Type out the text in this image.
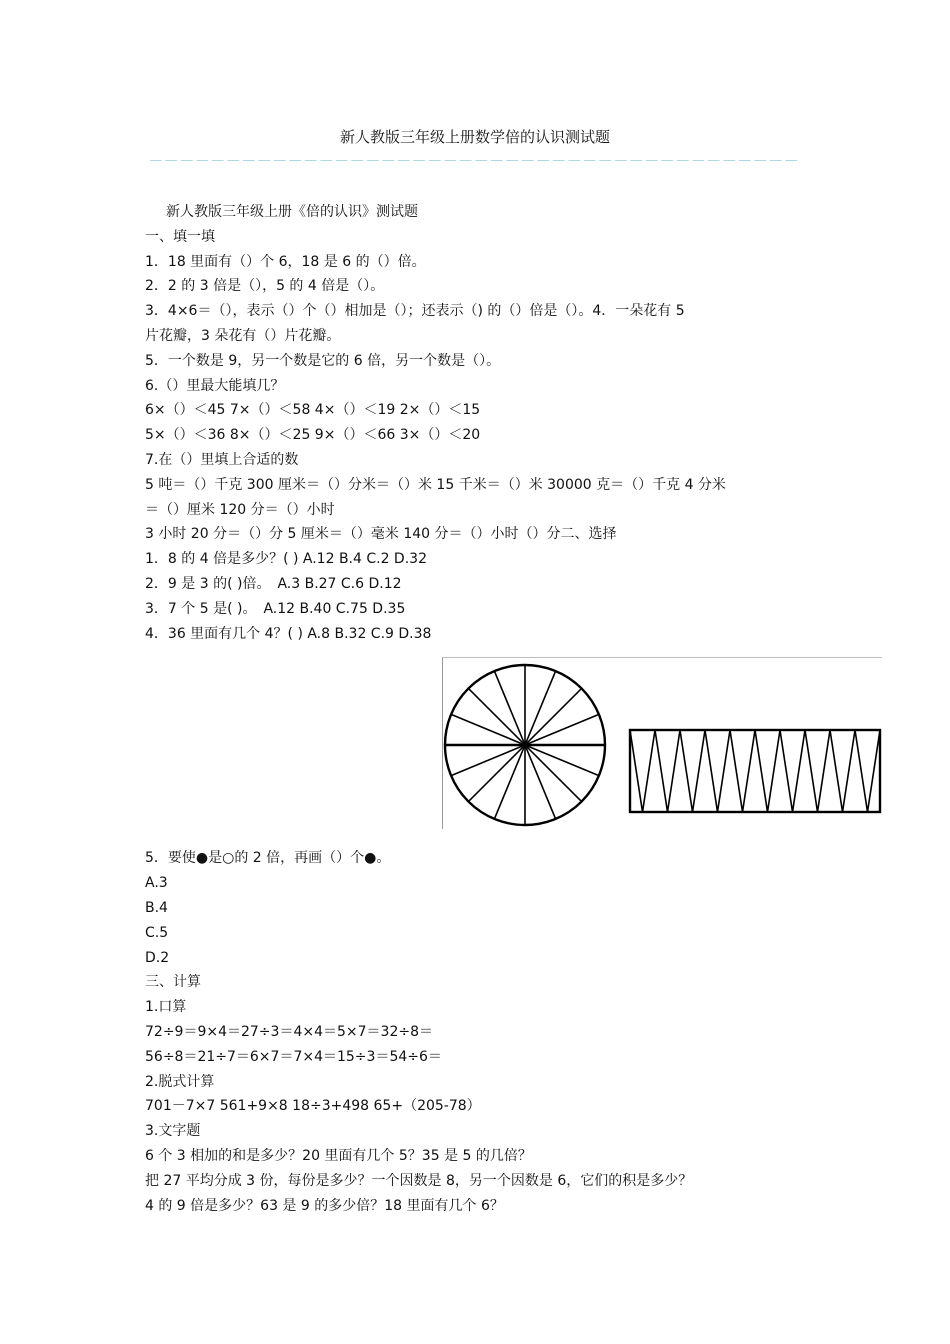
新人教版三年级上册数学倍的认识测试题
－－－－－－－－－－－－－－－－－－－－－－－－－－－－－－－－－－－－－－－－－－
新人教版三年级上册《倍的认识》测试题
一、填一填
1．18 里面有（）个 6，18 是 6 的（）倍。
2．2 的 3 倍是（），5 的 4 倍是（）。
3．4×6＝（），表示（）个（）相加是（）；还表示（) 的（）倍是（）。4．一朵花有 5
片花瓣，3 朵花有（）片花瓣。
5．一个数是 9，另一个数是它的 6 倍，另一个数是（）。
6.（）里最大能填几？
6×（）＜45 7×（）＜58 4×（）＜19 2×（）＜15
5×（）＜36 8×（）＜25 9×（）＜66 3×（）＜20
7.在（）里填上合适的数
5 吨＝（）千克 300 厘米＝（）分米＝（）米 15 千米＝（）米 30000 克＝（）千克 4 分米
＝（）厘米 120 分＝（）小时
3 小时 20 分＝（）分 5 厘米＝（）毫米 140 分＝（）小时（）分二、选择
1．8 的 4 倍是多少？( ) A.12 B.4 C.2 D.32
2．9 是 3 的( )倍。　A.3 B.27 C.6 D.12
3．7 个 5 是( )。　A.12 B.40 C.75 D.35
4．36 里面有几个 4？( ) A.8 B.32 C.9 D.38
5．要使●是○的 2 倍，再画（）个●。
A.3
B.4
C.5
D.2
三、计算
1.口算
72÷9＝9×4＝27÷3＝4×4＝5×7＝32÷8＝
56÷8＝21÷7＝6×7＝7×4＝15÷3＝54÷6＝
2.脱式计算
701－7×7 561+9×8 18÷3+498 65+（205-78）
3.文字题
6 个 3 相加的和是多少？20 里面有几个 5？35 是 5 的几倍？
把 27 平均分成 3 份，每份是多少？一个因数是 8，另一个因数是 6，它们的积是多少？
4 的 9 倍是多少？63 是 9 的多少倍？18 里面有几个 6？
